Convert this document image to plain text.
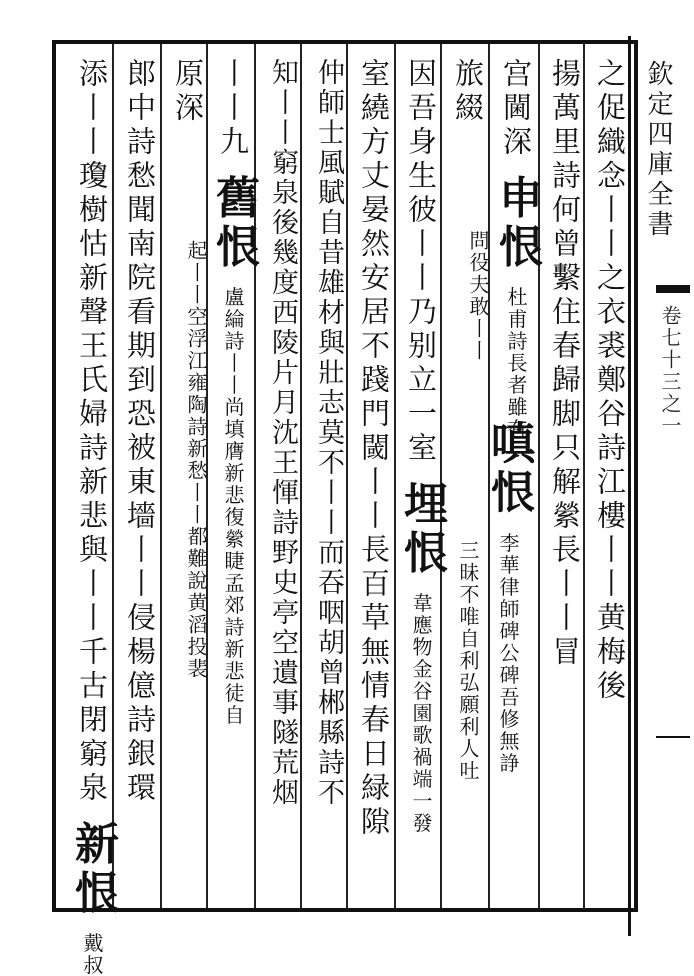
欽定四庫全書
卷七十三之一
之促織念丨丨之衣裘鄭谷詩江樓丨丨黄梅後
揚萬里詩何曾繫住春歸脚只解縈長丨丨冒
宫閫深 申恨 杜甫詩長者雖有
嗔恨 李華律師碑公碑吾修無諍
旅綴
問役夫敢丨丨
三昧不唯自利弘願利人吐
因吾身生彼丨丨乃别立一室 埋恨 韋應物金谷園歌禍端一發
室繞方丈晏然安居不踐門閾丨丨長百草無情春日緑隙
仲師士風賦自昔雄材與壯志莫不丨丨而吞咽胡曾郴縣詩不
知丨丨窮泉後幾度西陵片月沈王惲詩野史亭空遺事隧荒烟
丨丨九 舊恨 盧綸詩丨丨尚填膺新悲復縈睫孟郊詩新悲徒自
原深
起丨丨空浮江雍陶詩新愁丨丨都難說黄滔投裴
郎中詩愁聞南院看期到恐被東墻丨丨侵楊億詩銀環
添丨丨瓊樹怙新聲王氏婦詩新悲與丨丨千古閉窮泉 新恨 戴叔
